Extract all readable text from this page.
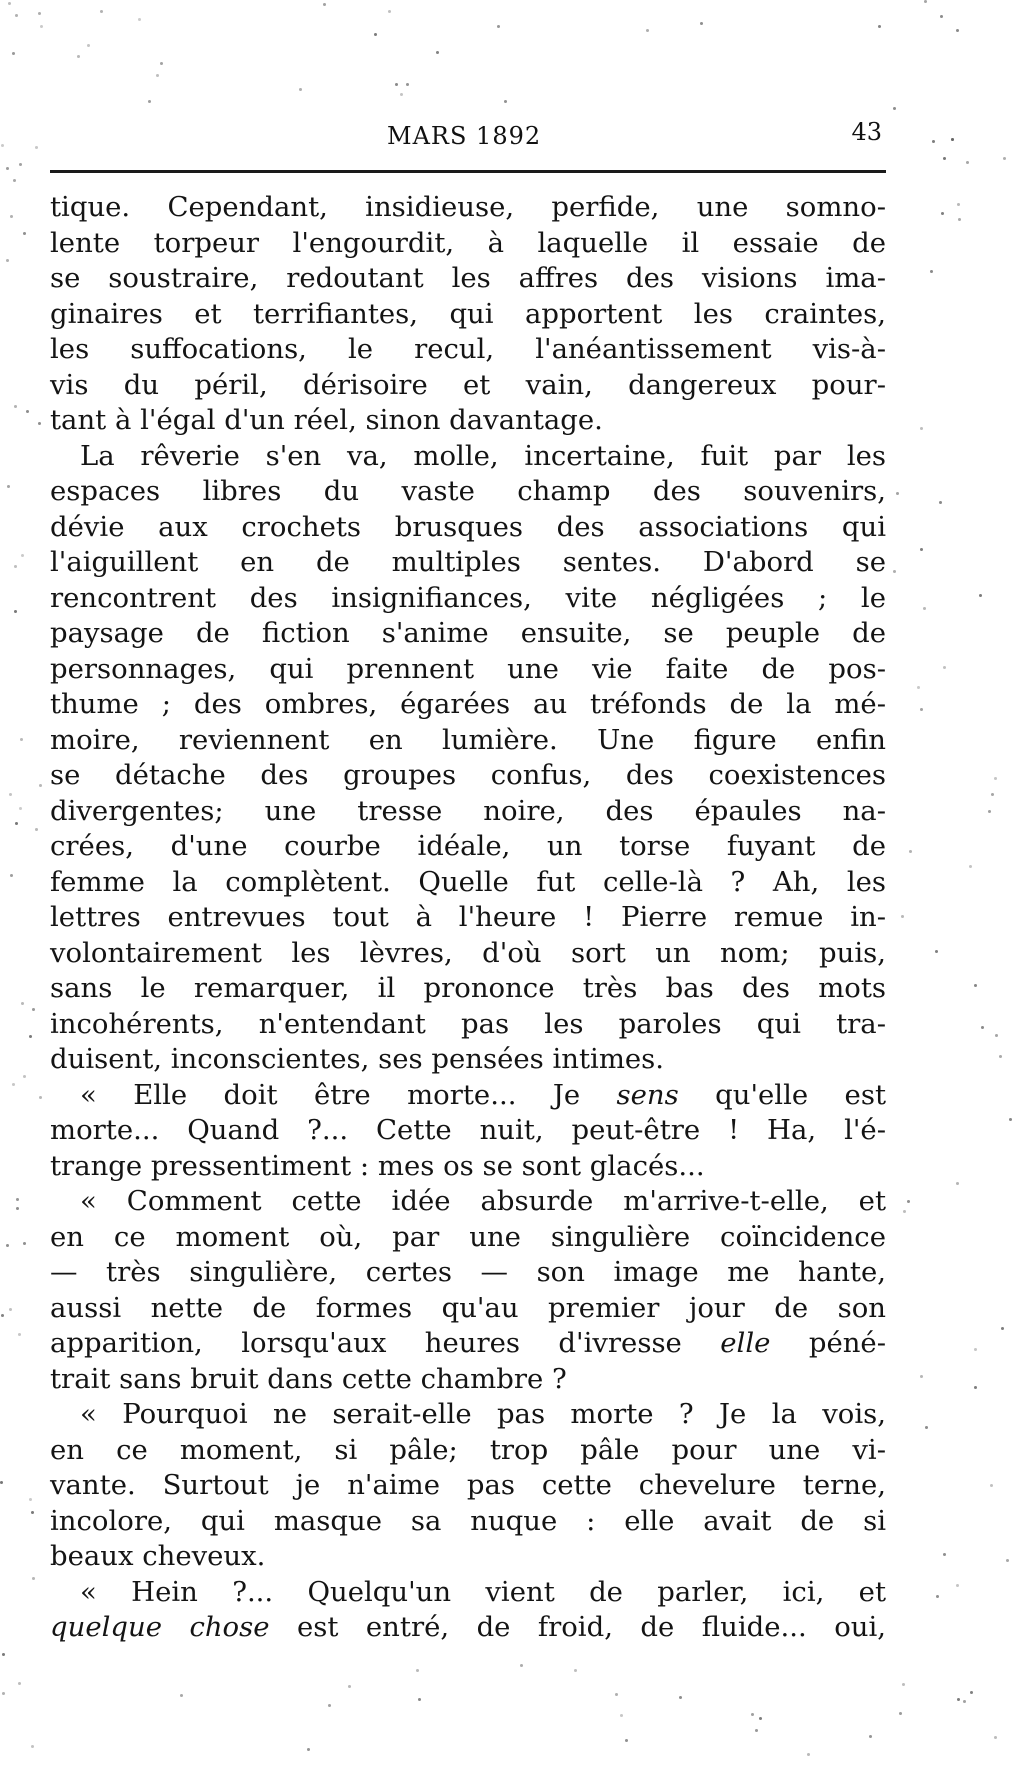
MARS 1892	43
tique. Cependant, insidieuse, perfide, une somno-
lente torpeur l'engourdit, à laquelle il essaie de
se soustraire, redoutant les affres des visions ima-
ginaires et terrifiantes, qui apportent les craintes,
les suffocations, le recul, l'anéantissement vis-à-
vis du péril, dérisoire et vain, dangereux pour-
tant à l'égal d'un réel, sinon davantage.
La rêverie s'en va, molle, incertaine, fuit par les
espaces libres du vaste champ des souvenirs,
dévie aux crochets brusques des associations qui
l'aiguillent en de multiples sentes. D'abord se
rencontrent des insignifiances, vite négligées ; le
paysage de fiction s'anime ensuite, se peuple de
personnages, qui prennent une vie faite de pos-
thume ; des ombres, égarées au tréfonds de la mé-
moire, reviennent en lumière. Une figure enfin
se détache des groupes confus, des coexistences
divergentes; une tresse noire, des épaules na-
crées, d'une courbe idéale, un torse fuyant de
femme la complètent. Quelle fut celle-là ? Ah, les
lettres entrevues tout à l'heure ! Pierre remue in-
volontairement les lèvres, d'où sort un nom; puis,
sans le remarquer, il prononce très bas des mots
incohérents, n'entendant pas les paroles qui tra-
duisent, inconscientes, ses pensées intimes.
« Elle doit être morte... Je sens qu'elle est
morte... Quand ?... Cette nuit, peut-être ! Ha, l'é-
trange pressentiment : mes os se sont glacés...
« Comment cette idée absurde m'arrive-t-elle, et
en ce moment où, par une singulière coïncidence
— très singulière, certes — son image me hante,
aussi nette de formes qu'au premier jour de son
apparition, lorsqu'aux heures d'ivresse elle péné-
trait sans bruit dans cette chambre ?
« Pourquoi ne serait-elle pas morte ? Je la vois,
en ce moment, si pâle; trop pâle pour une vi-
vante. Surtout je n'aime pas cette chevelure terne,
incolore, qui masque sa nuque : elle avait de si
beaux cheveux.
« Hein ?... Quelqu'un vient de parler, ici, et
quelque chose est entré, de froid, de fluide... oui,
